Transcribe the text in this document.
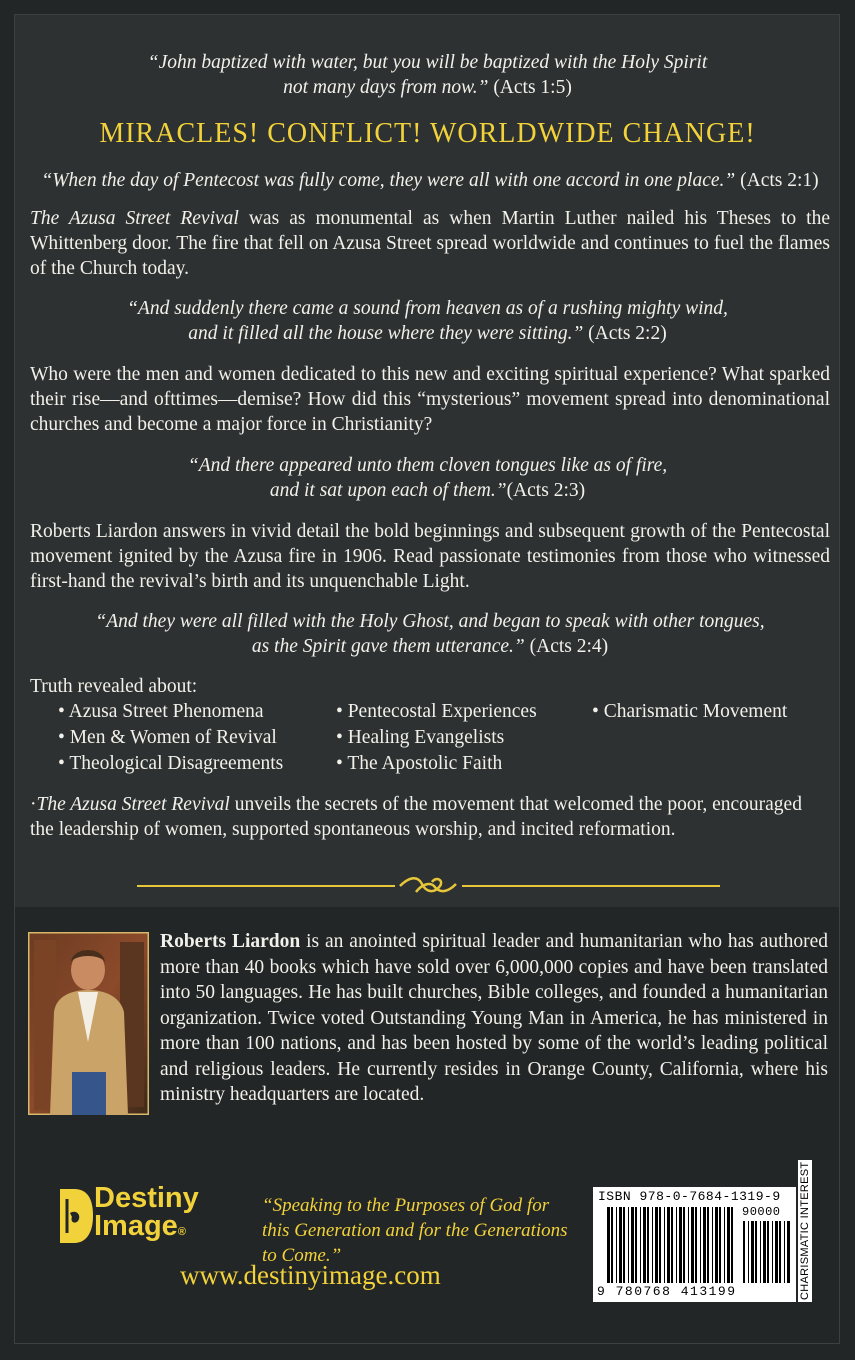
“John baptized with water, but you will be baptized with the Holy Spirit
not many days from now.” (Acts 1:5)
MIRACLES! CONFLICT! WORLDWIDE CHANGE!
“When the day of Pentecost was fully come, they were all with one accord in one place.” (Acts 2:1)
The Azusa Street Revival was as monumental as when Martin Luther nailed his Theses to the Whittenberg door. The fire that fell on Azusa Street spread worldwide and continues to fuel the flames of the Church today.
“And suddenly there came a sound from heaven as of a rushing mighty wind,
and it filled all the house where they were sitting.” (Acts 2:2)
Who were the men and women dedicated to this new and exciting spiritual experience? What sparked their rise—and ofttimes—demise? How did this “mysterious” movement spread into denominational churches and become a major force in Christianity?
“And there appeared unto them cloven tongues like as of fire,
and it sat upon each of them.”(Acts 2:3)
Roberts Liardon answers in vivid detail the bold beginnings and subsequent growth of the Pentecostal movement ignited by the Azusa fire in 1906. Read passionate testimonies from those who witnessed first-hand the revival’s birth and its unquenchable Light.
“And they were all filled with the Holy Ghost, and began to speak with other tongues,
as the Spirit gave them utterance.” (Acts 2:4)
Truth revealed about:
• Azusa Street Phenomena
• Men & Women of Revival
• Theological Disagreements
• Pentecostal Experiences
• Healing Evangelists
• The Apostolic Faith
• Charismatic Movement
·The Azusa Street Revival unveils the secrets of the movement that welcomed the poor, encouraged the leadership of women, supported spontaneous worship, and incited reformation.
Roberts Liardon is an anointed spiritual leader and humanitarian who has authored more than 40 books which have sold over 6,000,000 copies and have been translated into 50 languages. He has built churches, Bible colleges, and founded a humanitarian organization. Twice voted Outstanding Young Man in America, he has ministered in more than 100 nations, and has been hosted by some of the world’s leading political and religious leaders. He currently resides in Orange County, California, where his ministry headquarters are located.
Destiny
Image®
“Speaking to the Purposes of God for this Generation and for the Generations to Come.”
www.destinyimage.com
ISBN 978-0-7684-1319-9
90000
9 780768 413199	CHARISMATIC INTEREST
